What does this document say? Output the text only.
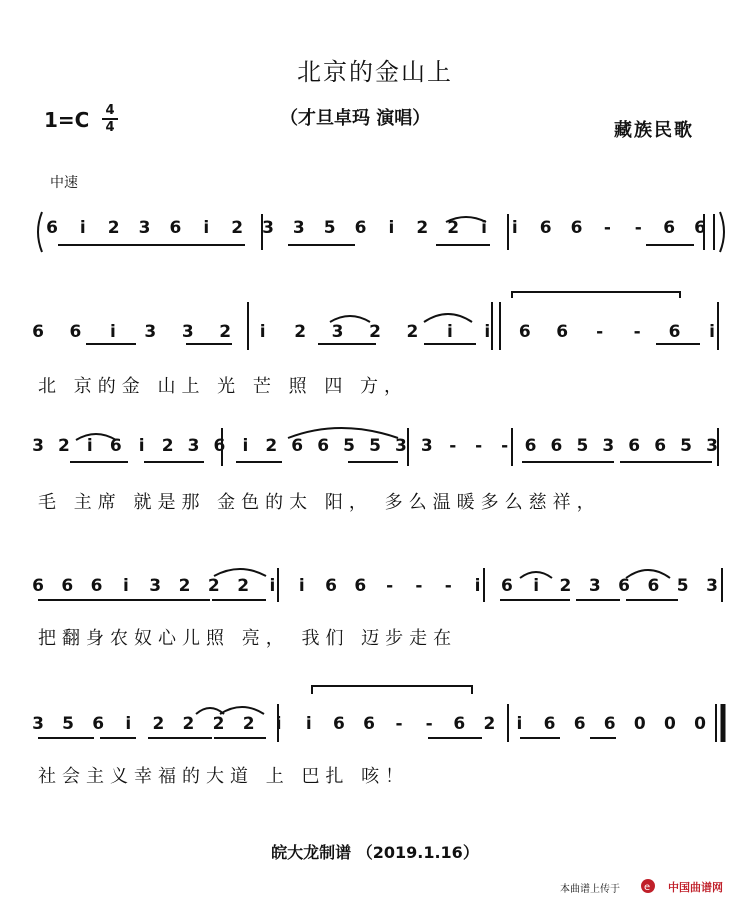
北京的金山上
1=C 4
4	（才旦卓玛 演唱）
藏族民歌
中速
6 i 2 3 6 i 2 3 3 5 6 i 2 2 i i 6 6 - - 6 6
6 6 i 3 3 2 i 2 3 2 2 i i 6 6 - - 6 i
3 2 i 6 i 2 3 6 i 2 6 6 5 5 3 3 - - - 6 6 5 3 6 6 5 3
6 6 6 i 3 2 2 2 i i 6 6 - - - i 6 i 2 3 6 6 5 3
3 5 6 i 2 2 2 2 i i 6 6 - - 6 2 i 6 6 6 0 0 0
北 京的金 山上 光 芒 照 四 方，
毛 主席 就是那 金色的太 阳， 多么温暖多么慈祥，
把翻身农奴心儿照 亮， 我们 迈步走在
社会主义幸福的大道 上 巴扎 咳！
皖大龙制谱 （2019.1.16）
本曲谱上传于 e 中国曲谱网
